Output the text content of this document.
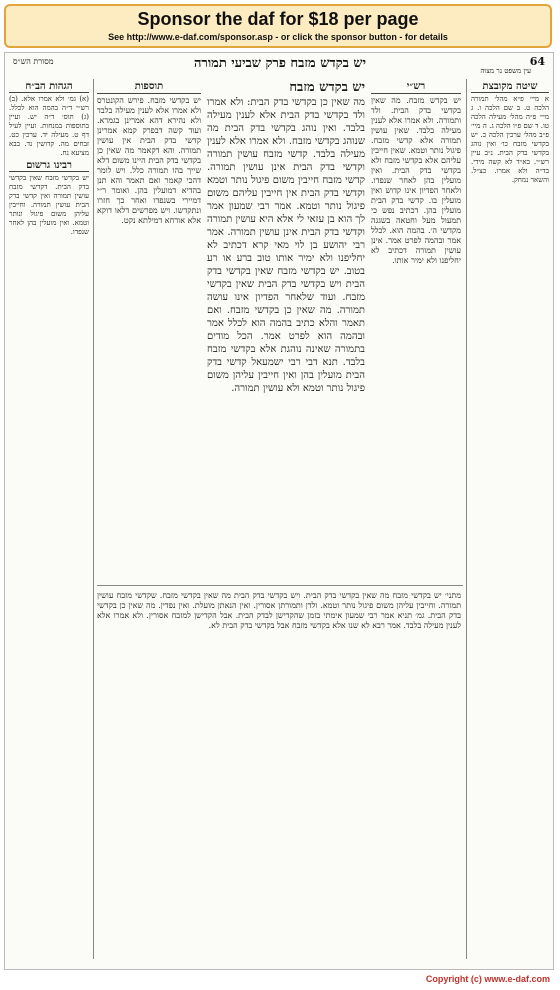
Sponsor the daf for $18 per page
See http://www.e-daf.com/sponsor.asp - or click the sponsor button - for details
מסורת הש״ס	יש בקדש מזבח פרק שביעי תמורה	64
עין משפט נר מצוה
שיטה מקובצת

א מיי׳ פ״א מהל׳ תמורה הלכה ט. ב שם הלכה ו. ג מיי׳ פ״ה מהל׳ מעילה הלכה טו. ד שם פ״ו הלכה ג. ה מיי׳ פ״ב מהל׳ ערכין הלכה כ. יש בקדשי מזבח כו׳ ואין נוהג בקדשי בדק הבית. נ״ב עיין רש״י. בא״ד לא קשה מידי. בד״ה ולא אמרו. כצ״ל. והשאר נמחק.

רש״י

יש בקדש מזבח. מה שאין בקדשי בדק הבית. ולד ותמורה. ולא אמרו אלא לענין מעילה בלבד. שאין עושין תמורה אלא קדשי מזבח. פיגול נותר וטמא. שאין חייבין עליהם אלא בקדשי מזבח ולא בקדשי בדק הבית. ואין מועלין בהן לאחר שנפדו. ולאחר הפדיון אינו קדוש ואין מועלין בו. קדשי בדק הבית מועלין בהן. דכתיב נפש כי תמעול מעל וחטאה בשגגה מקדשי ה׳. בהמה הוא. לכלל אמר ובהמה לפרט אמר. אינן עושין תמורה דכתיב לא יחליפנו ולא ימיר אותו.

יש בקדש מזבח

מה שאין כן בקדשי בדק הבית: ולא אמרו ולד בקדשי בדק הבית אלא לענין מעילה בלבד. ואין נוהג בקדשי בדק הבית מה שנוהג בקדשי מזבח. ולא אמרו אלא לענין מעילה בלבד. קדשי מזבח עושין תמורה וקדשי בדק הבית אינן עושין תמורה. קדשי מזבח חייבין משום פיגול נותר וטמא וקדשי בדק הבית אין חייבין עליהם משום פיגול נותר וטמא. אמר רבי שמעון אמר לך הוא בן עזאי לי אלא היא עושין תמורה וקדשי בדק הבית אינן עושין תמורה. אמר רבי יהושע בן לוי מאי קרא דכתיב לא יחליפנו ולא ימיר אותו טוב ברע או רע בטוב. יש בקדשי מזבח שאין בקדשי בדק הבית ויש בקדשי בדק הבית שאין בקדשי מזבח. ועוד שלאחר הפדיון אינו עושה תמורה. מה שאין כן בקדשי מזבח. ואם תאמר והלא כתיב בהמה הוא לכלל אמר ובהמה הוא לפרט אמר. הכל מודים בתמורה שאינה נוהגת אלא בקדשי מזבח בלבד. תנא דבי רבי ישמעאל קדשי בדק הבית מועלין בהן ואין חייבין עליהן משום פיגול נותר וטמא ולא עושין תמורה.

תוספות

יש בקדשי מזבח. פירש הקונטרס ולא אמרו אלא לענין מעילה בלבד ולא נהירא דהא אמרינן בגמרא. ועוד קשה דבפרק קמא אמרינן קדשי בדק הבית אין עושין תמורה. והא דקאמר מה שאין כן בקדשי בדק הבית היינו משום דלא שייך בהו תמורה כלל. ויש לומר דהכי קאמר ואם תאמר והא תנן בהדיא דמועלין בהן. ואומר ר״י דמיירי בשנפדו ואחר כך חזרו ונתקדשו. ויש מפרשים דלאו דוקא אלא אורחא דמילתא נקט.

הגהות הב״ח

(א) גמ׳ ולא אמרו אלא. (ב) רש״י ד״ה בהמה הוא לכלל. (ג) תוס׳ ד״ה יש. ועיין בתוספות במנחות. ועיין לעיל דף ט. מעילה יד. ערכין כט. זבחים מה. קדושין נד. בבא מציעא נח.

רבינו גרשום

יש בקדשי מזבח שאין בקדשי בדק הבית. דקדשי מזבח עושין תמורה ואין קדשי בדק הבית עושין תמורה. וחייבין עליהן משום פיגול ונותר וטמא. ואין מועלין בהן לאחר שנפדו.

מתני׳ יש בקדשי מזבח מה שאין בקדשי בדק הבית. ויש בקדשי בדק הבית מה שאין בקדשי מזבח. שקדשי מזבח עושין תמורה. וחייבין עליהן משום פיגול נותר וטמא. ולדן ותמורתן אסורין. ואין הנאתן מועלת. ואין נפדין. מה שאין כן בקדשי בדק הבית. גמ׳ תניא אמר רבי שמעון אימתי בזמן שהקדישן לבדק הבית. אבל הקדישן למזבח אסורין. ולא אמרו אלא לענין מעילה בלבד. אמר רבא לא שנו אלא בקדשי מזבח אבל בקדשי בדק הבית לא.

Copyright (c) www.e-daf.com
